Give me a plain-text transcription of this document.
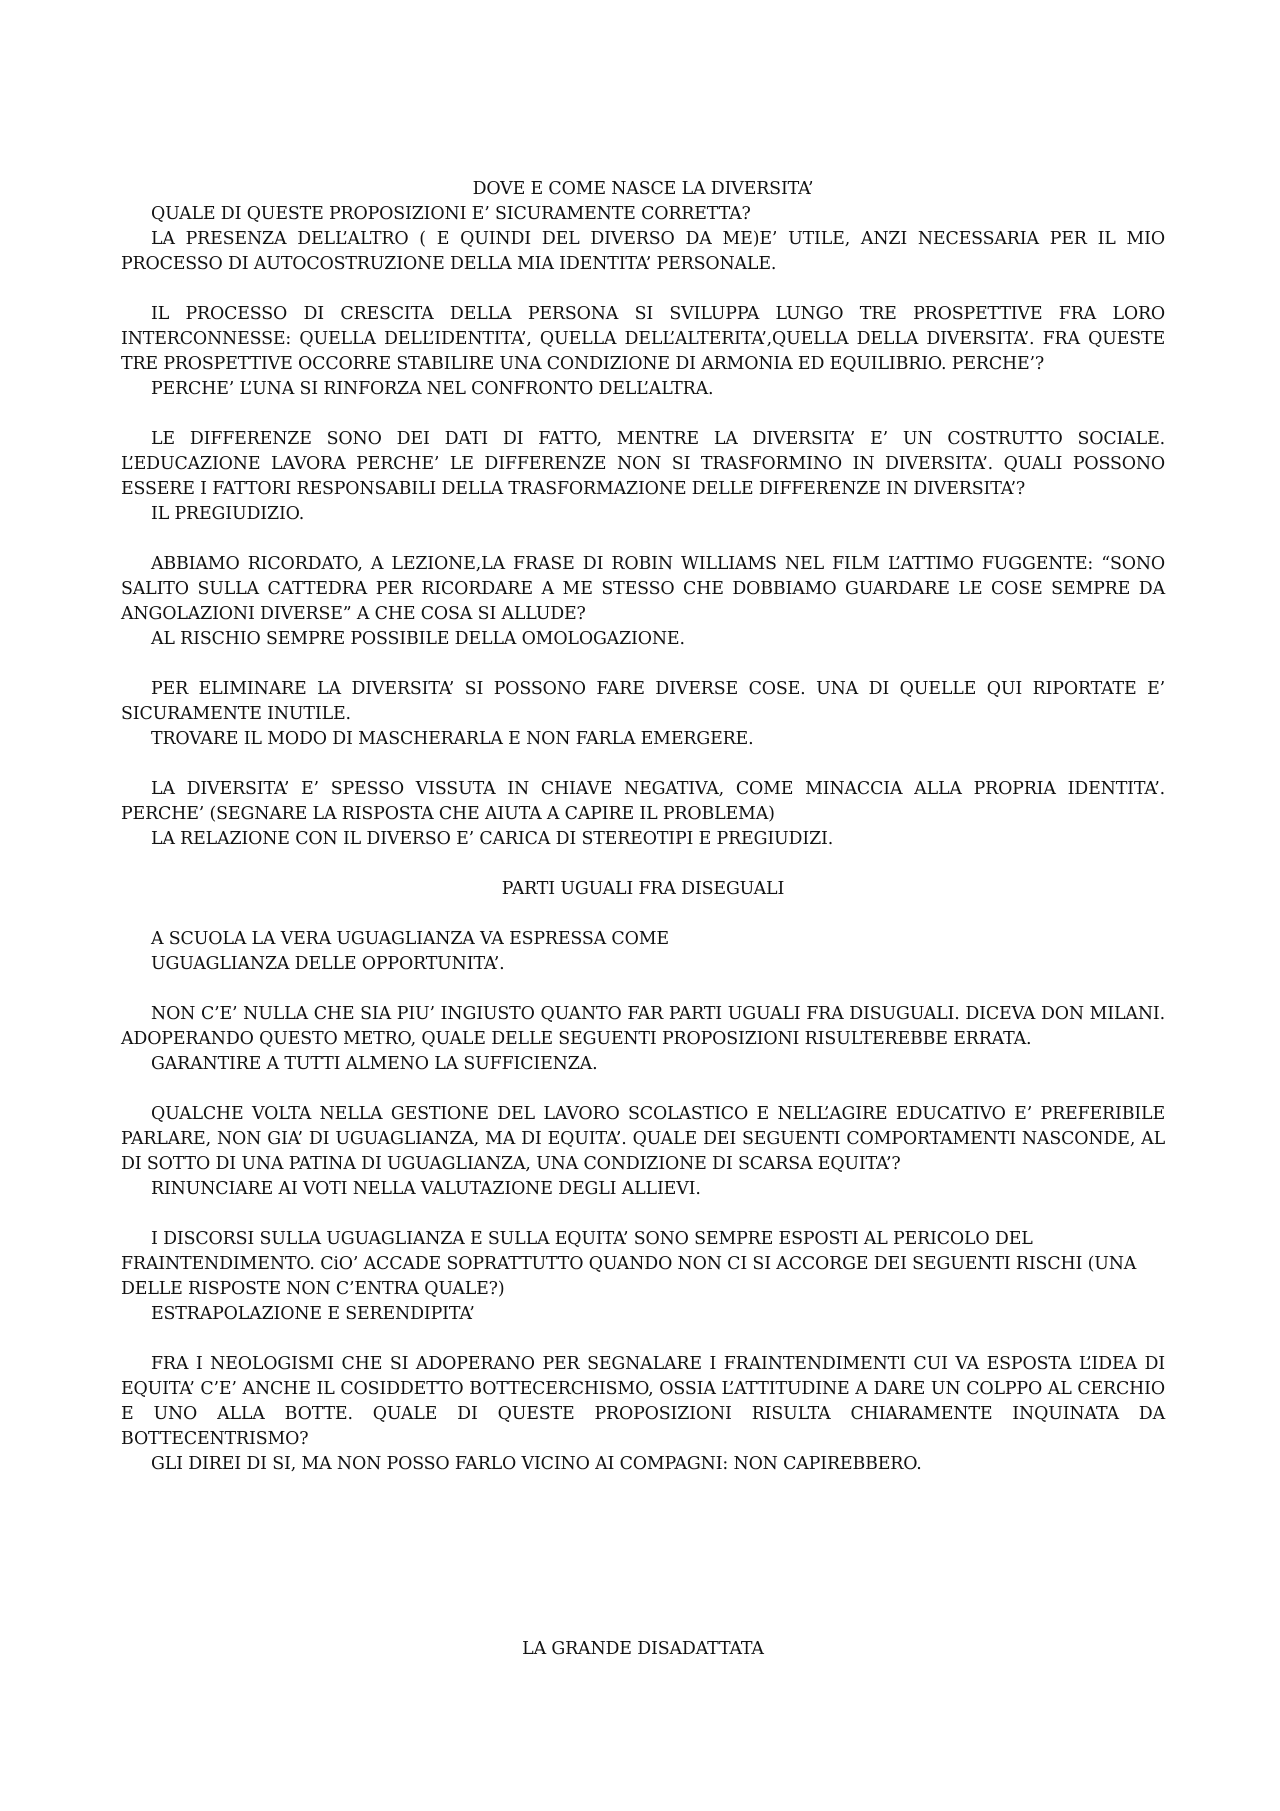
DOVE E COME NASCE LA DIVERSITA’

QUALE DI QUESTE PROPOSIZIONI E’ SICURAMENTE CORRETTA?

LA PRESENZA DELL’ALTRO ( E QUINDI DEL DIVERSO DA ME)E’ UTILE, ANZI NECESSARIA PER IL MIO PROCESSO DI AUTOCOSTRUZIONE DELLA MIA IDENTITA’ PERSONALE.

IL PROCESSO DI CRESCITA DELLA PERSONA SI SVILUPPA LUNGO TRE PROSPETTIVE FRA LORO INTERCONNESSE: QUELLA DELL’IDENTITA’, QUELLA DELL’ALTERITA’,QUELLA DELLA DIVERSITA’. FRA QUESTE TRE PROSPETTIVE OCCORRE STABILIRE UNA CONDIZIONE DI ARMONIA ED EQUILIBRIO. PERCHE’?

PERCHE’ L’UNA SI RINFORZA NEL CONFRONTO DELL’ALTRA.

LE DIFFERENZE SONO DEI DATI DI FATTO, MENTRE LA DIVERSITA’ E’ UN COSTRUTTO SOCIALE. L’EDUCAZIONE LAVORA PERCHE’ LE DIFFERENZE NON SI TRASFORMINO IN DIVERSITA’. QUALI POSSONO ESSERE I FATTORI RESPONSABILI DELLA TRASFORMAZIONE DELLE DIFFERENZE IN DIVERSITA’?

IL PREGIUDIZIO.

ABBIAMO RICORDATO, A LEZIONE,LA FRASE DI ROBIN WILLIAMS NEL FILM L’ATTIMO FUGGENTE: “SONO SALITO SULLA CATTEDRA PER RICORDARE A ME STESSO CHE DOBBIAMO GUARDARE LE COSE SEMPRE DA ANGOLAZIONI DIVERSE” A CHE COSA SI ALLUDE?

AL RISCHIO SEMPRE POSSIBILE DELLA OMOLOGAZIONE.

PER ELIMINARE LA DIVERSITA’ SI POSSONO FARE DIVERSE COSE. UNA DI QUELLE QUI RIPORTATE E’ SICURAMENTE INUTILE.

TROVARE IL MODO DI MASCHERARLA E NON FARLA EMERGERE.

LA DIVERSITA’ E’ SPESSO VISSUTA IN CHIAVE NEGATIVA, COME MINACCIA ALLA PROPRIA IDENTITA’. PERCHE’ (SEGNARE LA RISPOSTA CHE AIUTA A CAPIRE IL PROBLEMA)

LA RELAZIONE CON IL DIVERSO E’ CARICA DI STEREOTIPI E PREGIUDIZI.

PARTI UGUALI FRA DISEGUALI

A SCUOLA LA VERA UGUAGLIANZA VA ESPRESSA COME

UGUAGLIANZA DELLE OPPORTUNITA’.

NON C’E’ NULLA CHE SIA PIU’ INGIUSTO QUANTO FAR PARTI UGUALI FRA DISUGUALI. DICEVA DON MILANI. ADOPERANDO QUESTO METRO, QUALE DELLE SEGUENTI PROPOSIZIONI RISULTEREBBE ERRATA.

GARANTIRE A TUTTI ALMENO LA SUFFICIENZA.

QUALCHE VOLTA NELLA GESTIONE DEL LAVORO SCOLASTICO E NELL’AGIRE EDUCATIVO E’ PREFERIBILE PARLARE, NON GIA’ DI UGUAGLIANZA, MA DI EQUITA’. QUALE DEI SEGUENTI COMPORTAMENTI NASCONDE, AL DI SOTTO DI UNA PATINA DI UGUAGLIANZA, UNA CONDIZIONE DI SCARSA EQUITA’?

RINUNCIARE AI VOTI NELLA VALUTAZIONE DEGLI ALLIEVI.

I DISCORSI SULLA UGUAGLIANZA E SULLA EQUITA’ SONO SEMPRE ESPOSTI AL PERICOLO DEL FRAINTENDIMENTO. CiO’ ACCADE SOPRATTUTTO QUANDO NON CI SI ACCORGE DEI SEGUENTI RISCHI (UNA DELLE RISPOSTE NON C’ENTRA QUALE?)

ESTRAPOLAZIONE E SERENDIPITA’

FRA I NEOLOGISMI CHE SI ADOPERANO PER SEGNALARE I FRAINTENDIMENTI CUI VA ESPOSTA L’IDEA DI EQUITA’ C’E’ ANCHE IL COSIDDETTO BOTTECERCHISMO, OSSIA L’ATTITUDINE A DARE UN COLPPO AL CERCHIO E UNO ALLA BOTTE. QUALE DI QUESTE PROPOSIZIONI RISULTA CHIARAMENTE INQUINATA DA BOTTECENTRISMO?

GLI DIREI DI SI, MA NON POSSO FARLO VICINO AI COMPAGNI: NON CAPIREBBERO.

LA GRANDE DISADATTATA
